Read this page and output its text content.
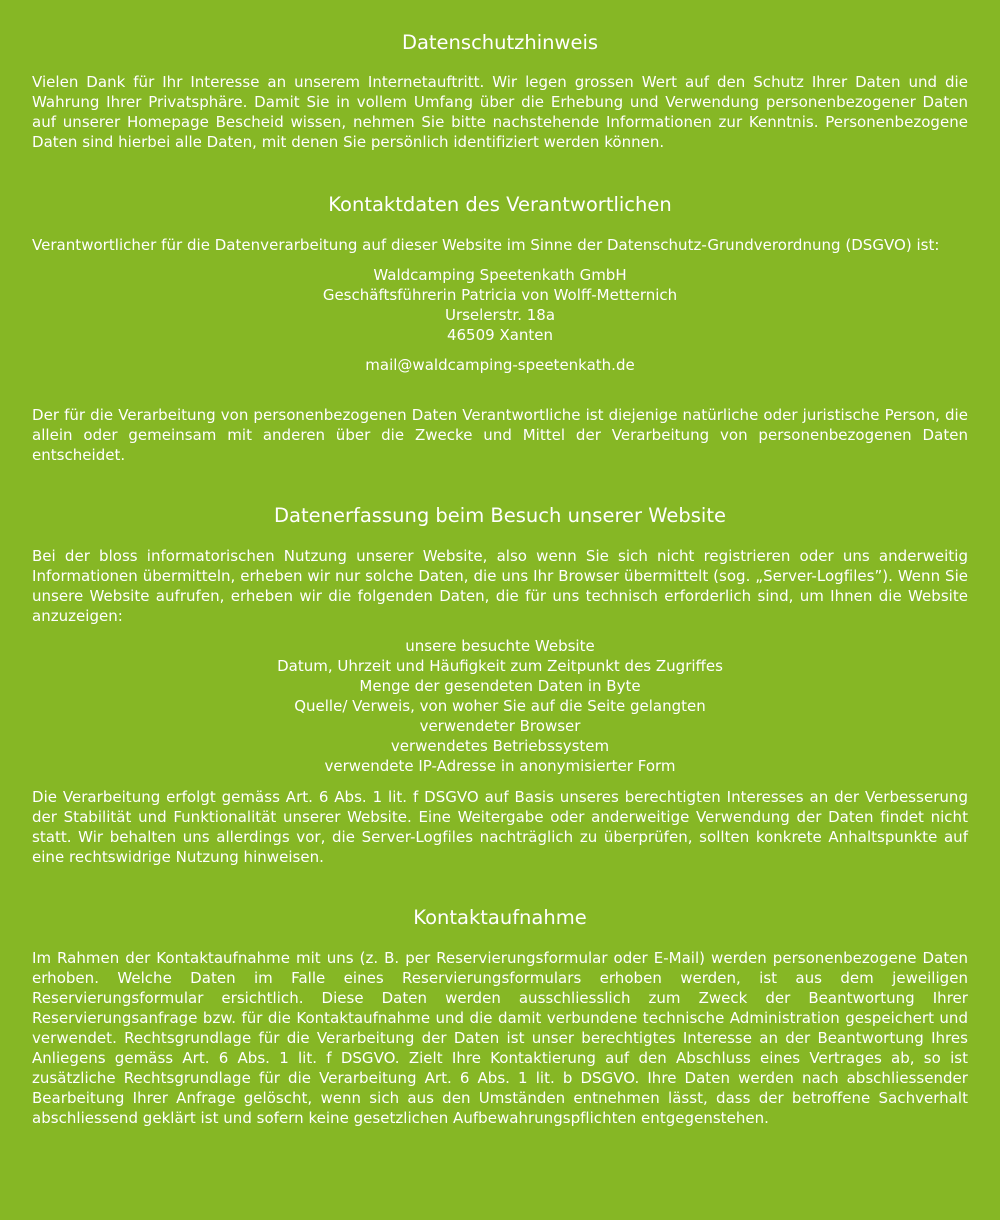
Datenschutzhinweis

Vielen Dank für Ihr Interesse an unserem Internetauftritt. Wir legen grossen Wert auf den Schutz Ihrer Daten und die Wahrung Ihrer Privatsphäre. Damit Sie in vollem Umfang über die Erhebung und Verwendung personenbezogener Daten auf unserer Homepage Bescheid wissen, nehmen Sie bitte nachstehende Informationen zur Kenntnis. Personenbezogene Daten sind hierbei alle Daten, mit denen Sie persönlich identifiziert werden können.

Kontaktdaten des Verantwortlichen

Verantwortlicher für die Datenverarbeitung auf dieser Website im Sinne der Datenschutz-Grundverordnung (DSGVO) ist:

Waldcamping Speetenkath GmbH
Geschäftsführerin Patricia von Wolff-Metternich
Urselerstr. 18a
46509 Xanten
mail@waldcamping-speetenkath.de

Der für die Verarbeitung von personenbezogenen Daten Verantwortliche ist diejenige natürliche oder juristische Person, die allein oder gemeinsam mit anderen über die Zwecke und Mittel der Verarbeitung von personenbezogenen Daten entscheidet.

Datenerfassung beim Besuch unserer Website

Bei der bloss informatorischen Nutzung unserer Website, also wenn Sie sich nicht registrieren oder uns anderweitig Informationen übermitteln, erheben wir nur solche Daten, die uns Ihr Browser übermittelt (sog. „Server-Logfiles”). Wenn Sie unsere Website aufrufen, erheben wir die folgenden Daten, die für uns technisch erforderlich sind, um Ihnen die Website anzuzeigen:

unsere besuchte Website
Datum, Uhrzeit und Häufigkeit zum Zeitpunkt des Zugriffes
Menge der gesendeten Daten in Byte
Quelle/ Verweis, von woher Sie auf die Seite gelangten
verwendeter Browser
verwendetes Betriebssystem
verwendete IP-Adresse in anonymisierter Form

Die Verarbeitung erfolgt gemäss Art. 6 Abs. 1 lit. f DSGVO auf Basis unseres berechtigten Interesses an der Verbesserung der Stabilität und Funktionalität unserer Website. Eine Weitergabe oder anderweitige Verwendung der Daten findet nicht statt. Wir behalten uns allerdings vor, die Server-Logfiles nachträglich zu überprüfen, sollten konkrete Anhaltspunkte auf eine rechtswidrige Nutzung hinweisen.

Kontaktaufnahme

Im Rahmen der Kontaktaufnahme mit uns (z. B. per Reservierungsformular oder E-Mail) werden personenbezogene Daten erhoben. Welche Daten im Falle eines Reservierungsformulars erhoben werden, ist aus dem jeweiligen Reservierungsformular ersichtlich. Diese Daten werden ausschliesslich zum Zweck der Beantwortung Ihrer Reservierungsanfrage bzw. für die Kontaktaufnahme und die damit verbundene technische Administration gespeichert und verwendet. Rechtsgrundlage für die Verarbeitung der Daten ist unser berechtigtes Interesse an der Beantwortung Ihres Anliegens gemäss Art. 6 Abs. 1 lit. f DSGVO. Zielt Ihre Kontaktierung auf den Abschluss eines Vertrages ab, so ist zusätzliche Rechtsgrundlage für die Verarbeitung Art. 6 Abs. 1 lit. b DSGVO. Ihre Daten werden nach abschliessender Bearbeitung Ihrer Anfrage gelöscht, wenn sich aus den Umständen entnehmen lässt, dass der betroffene Sachverhalt abschliessend geklärt ist und sofern keine gesetzlichen Aufbewahrungspflichten entgegenstehen.
